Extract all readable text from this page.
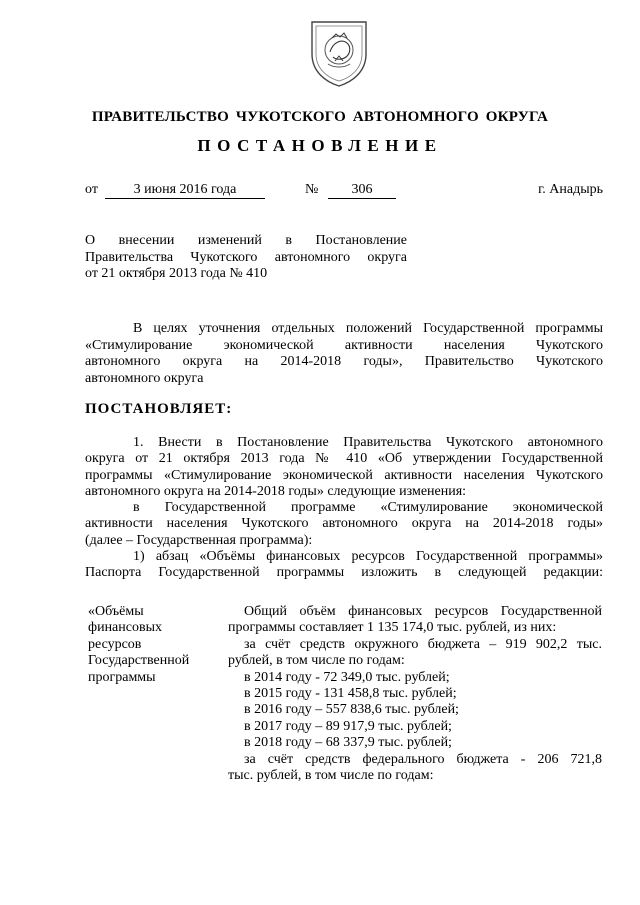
ПРАВИТЕЛЬСТВО ЧУКОТСКОГО АВТОНОМНОГО ОКРУГА
ПОСТАНОВЛЕНИЕ
от	3 июня 2016 года	№	306	г. Анадырь
О внесении изменений в Постановление
Правительства Чукотского автономного округа
от 21 октября 2013 года № 410
В целях уточнения отдельных положений Государственной программы
«Стимулирование экономической активности населения Чукотского
автономного округа на 2014-2018 годы», Правительство Чукотского
автономного округа
ПОСТАНОВЛЯЕТ:
1. Внести в Постановление Правительства Чукотского автономного
округа от 21 октября 2013 года № 410 «Об утверждении Государственной
программы «Стимулирование экономической активности населения Чукотского
автономного округа на 2014-2018 годы» следующие изменения:
в Государственной программе «Стимулирование экономической
активности населения Чукотского автономного округа на 2014-2018 годы»
(далее – Государственная программа):
1) абзац «Объёмы финансовых ресурсов Государственной программы»
Паспорта Государственной программы изложить в следующей редакции:
«Объёмы
финансовых
ресурсов
Государственной
программы
Общий объём финансовых ресурсов Государственной
программы составляет 1 135 174,0 тыс. рублей, из них:
за счёт средств окружного бюджета – 919 902,2 тыс.
рублей, в том числе по годам:
в 2014 году - 72 349,0 тыс. рублей;
в 2015 году - 131 458,8 тыс. рублей;
в 2016 году – 557 838,6 тыс. рублей;
в 2017 году – 89 917,9 тыс. рублей;
в 2018 году – 68 337,9 тыс. рублей;
за счёт средств федерального бюджета - 206 721,8
тыс. рублей, в том числе по годам:
